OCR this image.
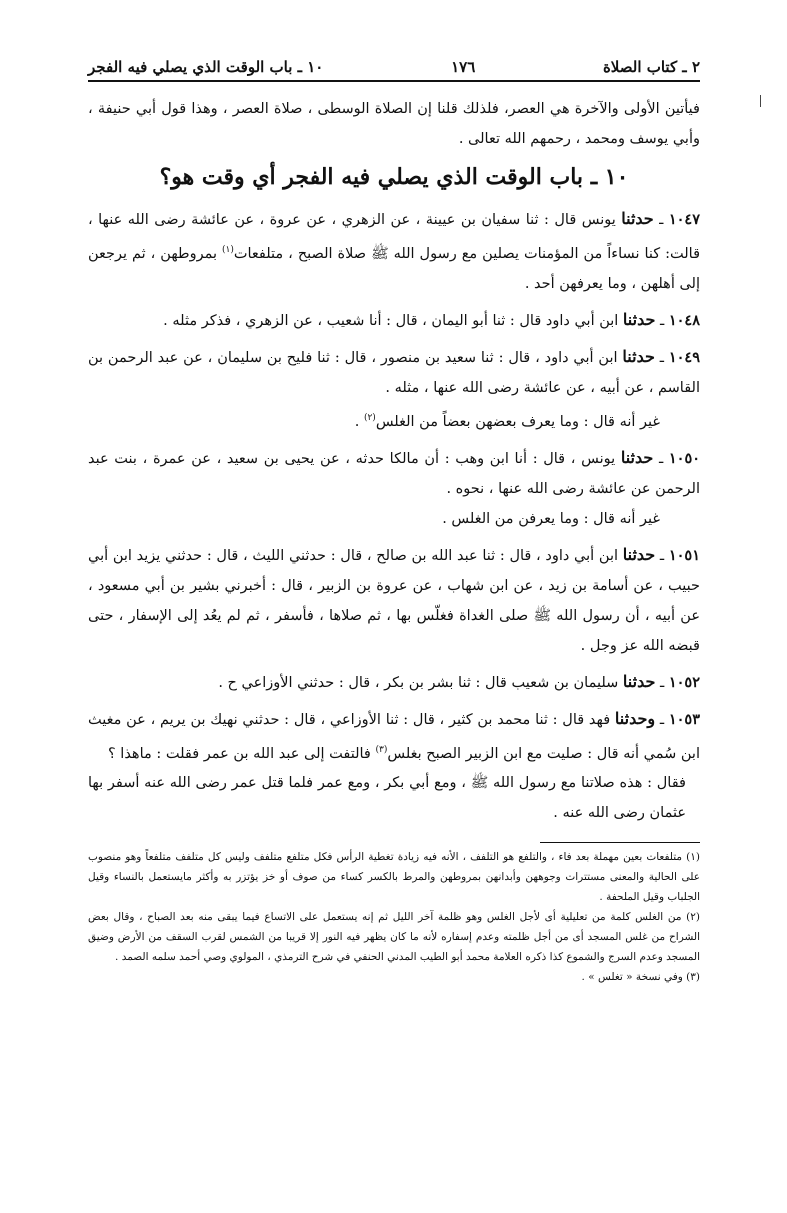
٢ ـ كتاب الصلاة
١٧٦
١٠ ـ باب الوقت الذي يصلي فيه الفجر

فيأتين الأولى والآخرة هي العصر، فلذلك قلنا إن الصلاة الوسطى ، صلاة العصر ، وهذا قول أبي حنيفة ، وأبي يوسف ومحمد ، رحمهم الله تعالى .

١٠ ـ باب الوقت الذي يصلي فيه الفجر أي وقت هو؟

١٠٤٧ ـ حدثنا يونس قال : ثنا سفيان بن عيينة ، عن الزهري ، عن عروة ، عن عائشة رضى الله عنها ، قالت: كنا نساءاً من المؤمنات يصلين مع رسول الله ﷺ صلاة الصبح ، متلفعات$^{(١)}$ بمروطهن ، ثم يرجعن إلى أهلهن ، وما يعرفهن أحد .

١٠٤٨ ـ حدثنا ابن أبي داود قال : ثنا أبو اليمان ، قال : أنا شعيب ، عن الزهري ، فذكر مثله .

١٠٤٩ ـ حدثنا ابن أبي داود ، قال : ثنا سعيد بن منصور ، قال : ثنا فليح بن سليمان ، عن عبد الرحمن بن القاسم ، عن أبيه ، عن عائشة رضى الله عنها ، مثله .

غير أنه قال : وما يعرف بعضهن بعضاً من الغلس$^{(٢)}$ .

١٠٥٠ ـ حدثنا يونس ، قال : أنا ابن وهب : أن مالكا حدثه ، عن يحيى بن سعيد ، عن عمرة ، بنت عبد الرحمن عن عائشة رضى الله عنها ، نحوه .

غير أنه قال : وما يعرفن من الغلس .

١٠٥١ ـ حدثنا ابن أبي داود ، قال : ثنا عبد الله بن صالح ، قال : حدثني الليث ، قال : حدثني يزيد ابن أبي حبيب ، عن أسامة بن زيد ، عن ابن شهاب ، عن عروة بن الزبير ، قال : أخبرني بشير بن أبي مسعود ، عن أبيه ، أن رسول الله ﷺ صلى الغداة فغلّس بها ، ثم صلاها ، فأسفر ، ثم لم يعُد إلى الإسفار ، حتى قبضه الله عز وجل .

١٠٥٢ ـ حدثنا سليمان بن شعيب قال : ثنا بشر بن بكر ، قال : حدثني الأوزاعي ح .

١٠٥٣ ـ وحدثنا فهد قال : ثنا محمد بن كثير ، قال : ثنا الأوزاعي ، قال : حدثني نهيك بن يريم ، عن مغيث ابن سُمي أنه قال : صليت مع ابن الزبير الصبح بغلس$^{(٣)}$ فالتفت إلى عبد الله بن عمر فقلت : ماهذا ؟

فقال : هذه صلاتنا مع رسول الله ﷺ ، ومع أبي بكر ، ومع عمر فلما قتل عمر رضى الله عنه أسفر بها عثمان رضى الله عنه .

(١) متلفعات بعين مهملة بعد فاء ، والتلفع هو التلفف ، الأنه فيه زيادة تغطية الرأس فكل متلفع متلفف وليس كل متلفف متلفعاً وهو منصوب على الحالية والمعنى مستترات وجوههن وأبدانهن بمروطهن والمرط بالكسر كساء من صوف أو خز يؤتزر به وأكثر مايستعمل بالنساء وقيل الجلباب وقيل الملحفة .

(٢) من الغلس كلمة من تعليلية أى لأجل الغلس وهو ظلمة آخر الليل ثم إنه يستعمل على الاتساع فيما يبقى منه بعد الصباح ، وقال بعض الشراح من غلس المسجد أى من أجل ظلمته وعدم إسفاره لأنه ما كان يظهر فيه النور إلا قريبا من الشمس لقرب السقف من الأرض وضيق المسجد وعدم السرج والشموع كذا ذكره العلامة محمد أبو الطيب المدني الحنفي في شرح الترمذي ، المولوي وصي أحمد سلمه الصمد .

(٣) وفي نسخة « تغلس » .
